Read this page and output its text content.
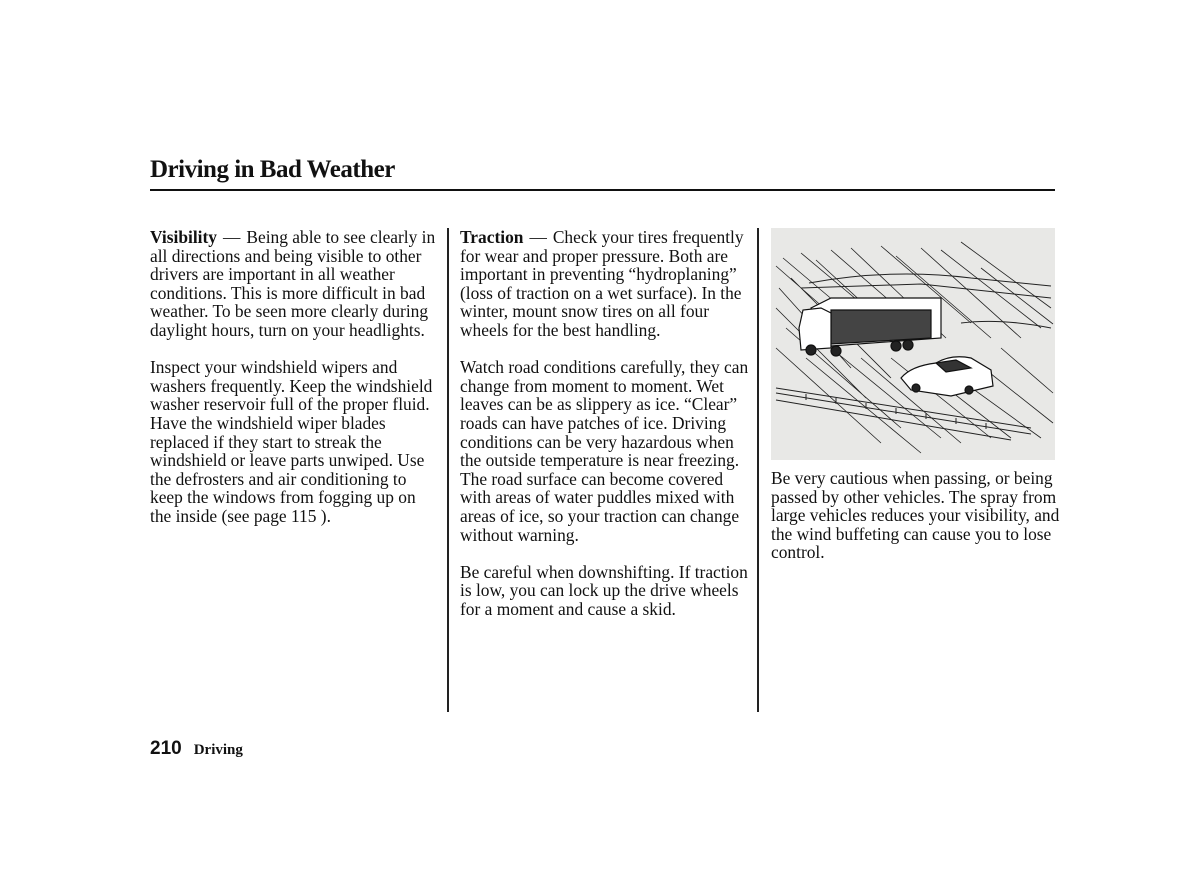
Driving in Bad Weather

Visibility — Being able to see clearly in all directions and being visible to other drivers are important in all weather conditions. This is more difficult in bad weather. To be seen more clearly during daylight hours, turn on your headlights.

Inspect your windshield wipers and washers frequently. Keep the windshield washer reservoir full of the proper fluid. Have the windshield wiper blades replaced if they start to streak the windshield or leave parts unwiped. Use the defrosters and air conditioning to keep the windows from fogging up on the inside (see page 115 ).

Traction — Check your tires frequently for wear and proper pressure. Both are important in preventing “hydroplaning” (loss of traction on a wet surface). In the winter, mount snow tires on all four wheels for the best handling.

Watch road conditions carefully, they can change from moment to moment. Wet leaves can be as slippery as ice. “Clear” roads can have patches of ice. Driving conditions can be very hazardous when the outside temperature is near freezing. The road surface can become covered with areas of water puddles mixed with areas of ice, so your traction can change without warning.

Be careful when downshifting. If traction is low, you can lock up the drive wheels for a moment and cause a skid.

Be very cautious when passing, or being passed by other vehicles. The spray from large vehicles reduces your visibility, and the wind buffeting can cause you to lose control.

210 Driving
